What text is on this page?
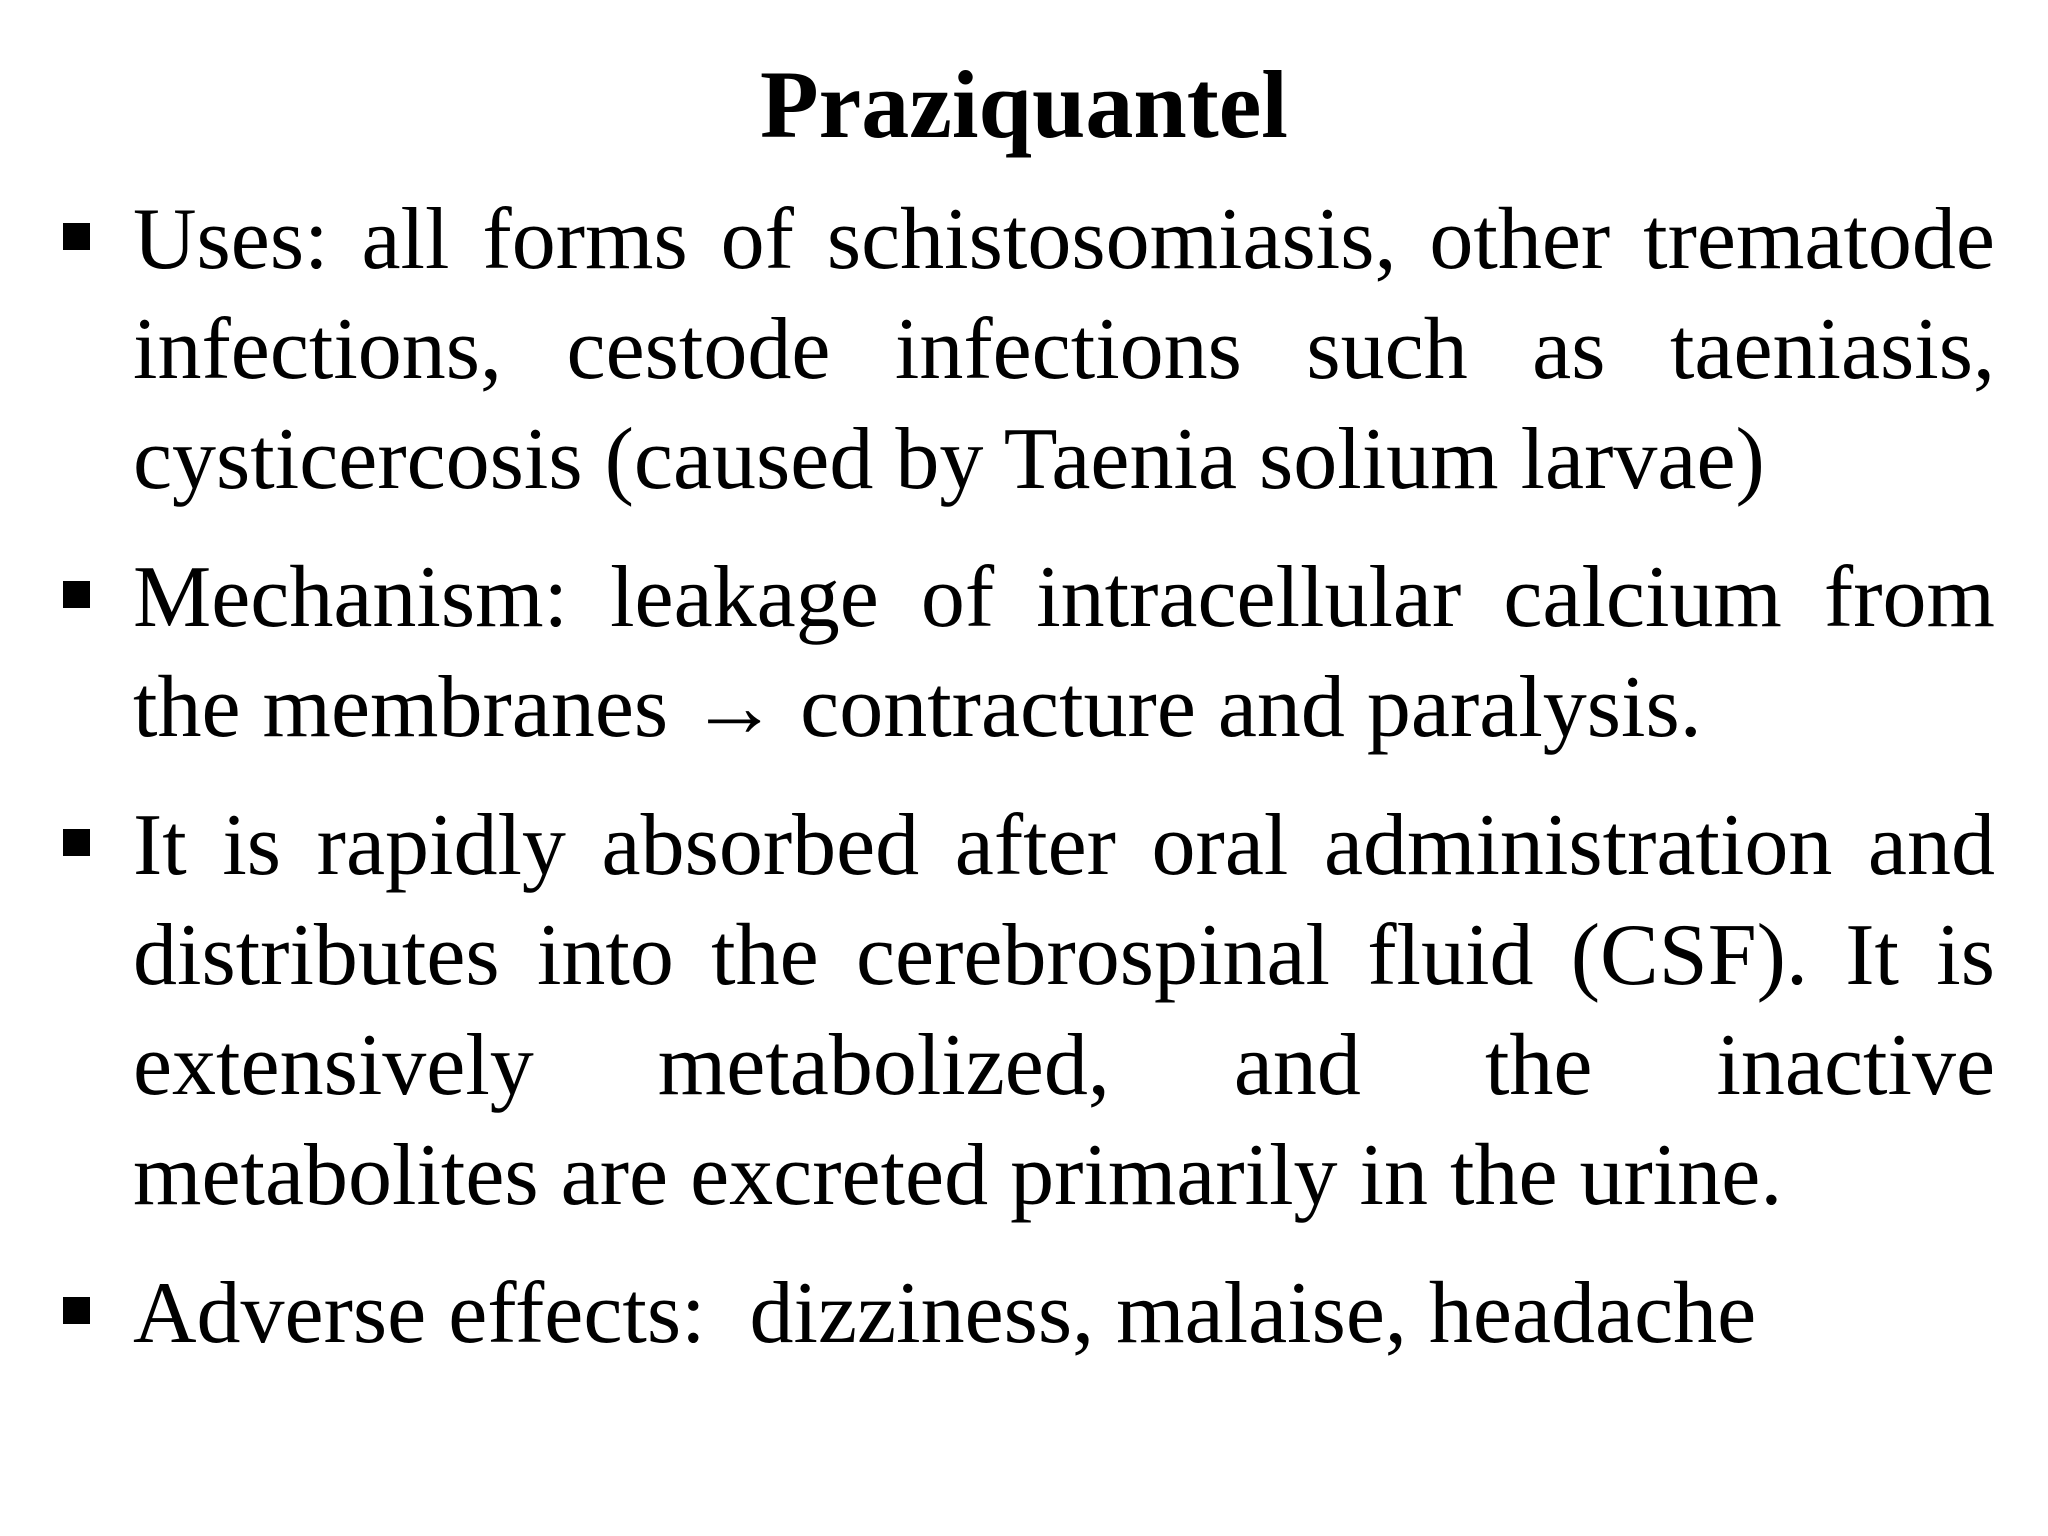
Praziquantel
Uses: all forms of schistosomiasis, other trematode infections, cestode infections such as taeniasis, cysticercosis (caused by Taenia solium larvae)
Mechanism: leakage of intracellular calcium from the membranes → contracture and paralysis.
It is rapidly absorbed after oral administration and distributes into the cerebrospinal fluid (CSF). It is extensively metabolized, and the inactive metabolites are excreted primarily in the urine.
Adverse effects:  dizziness, malaise, headache
